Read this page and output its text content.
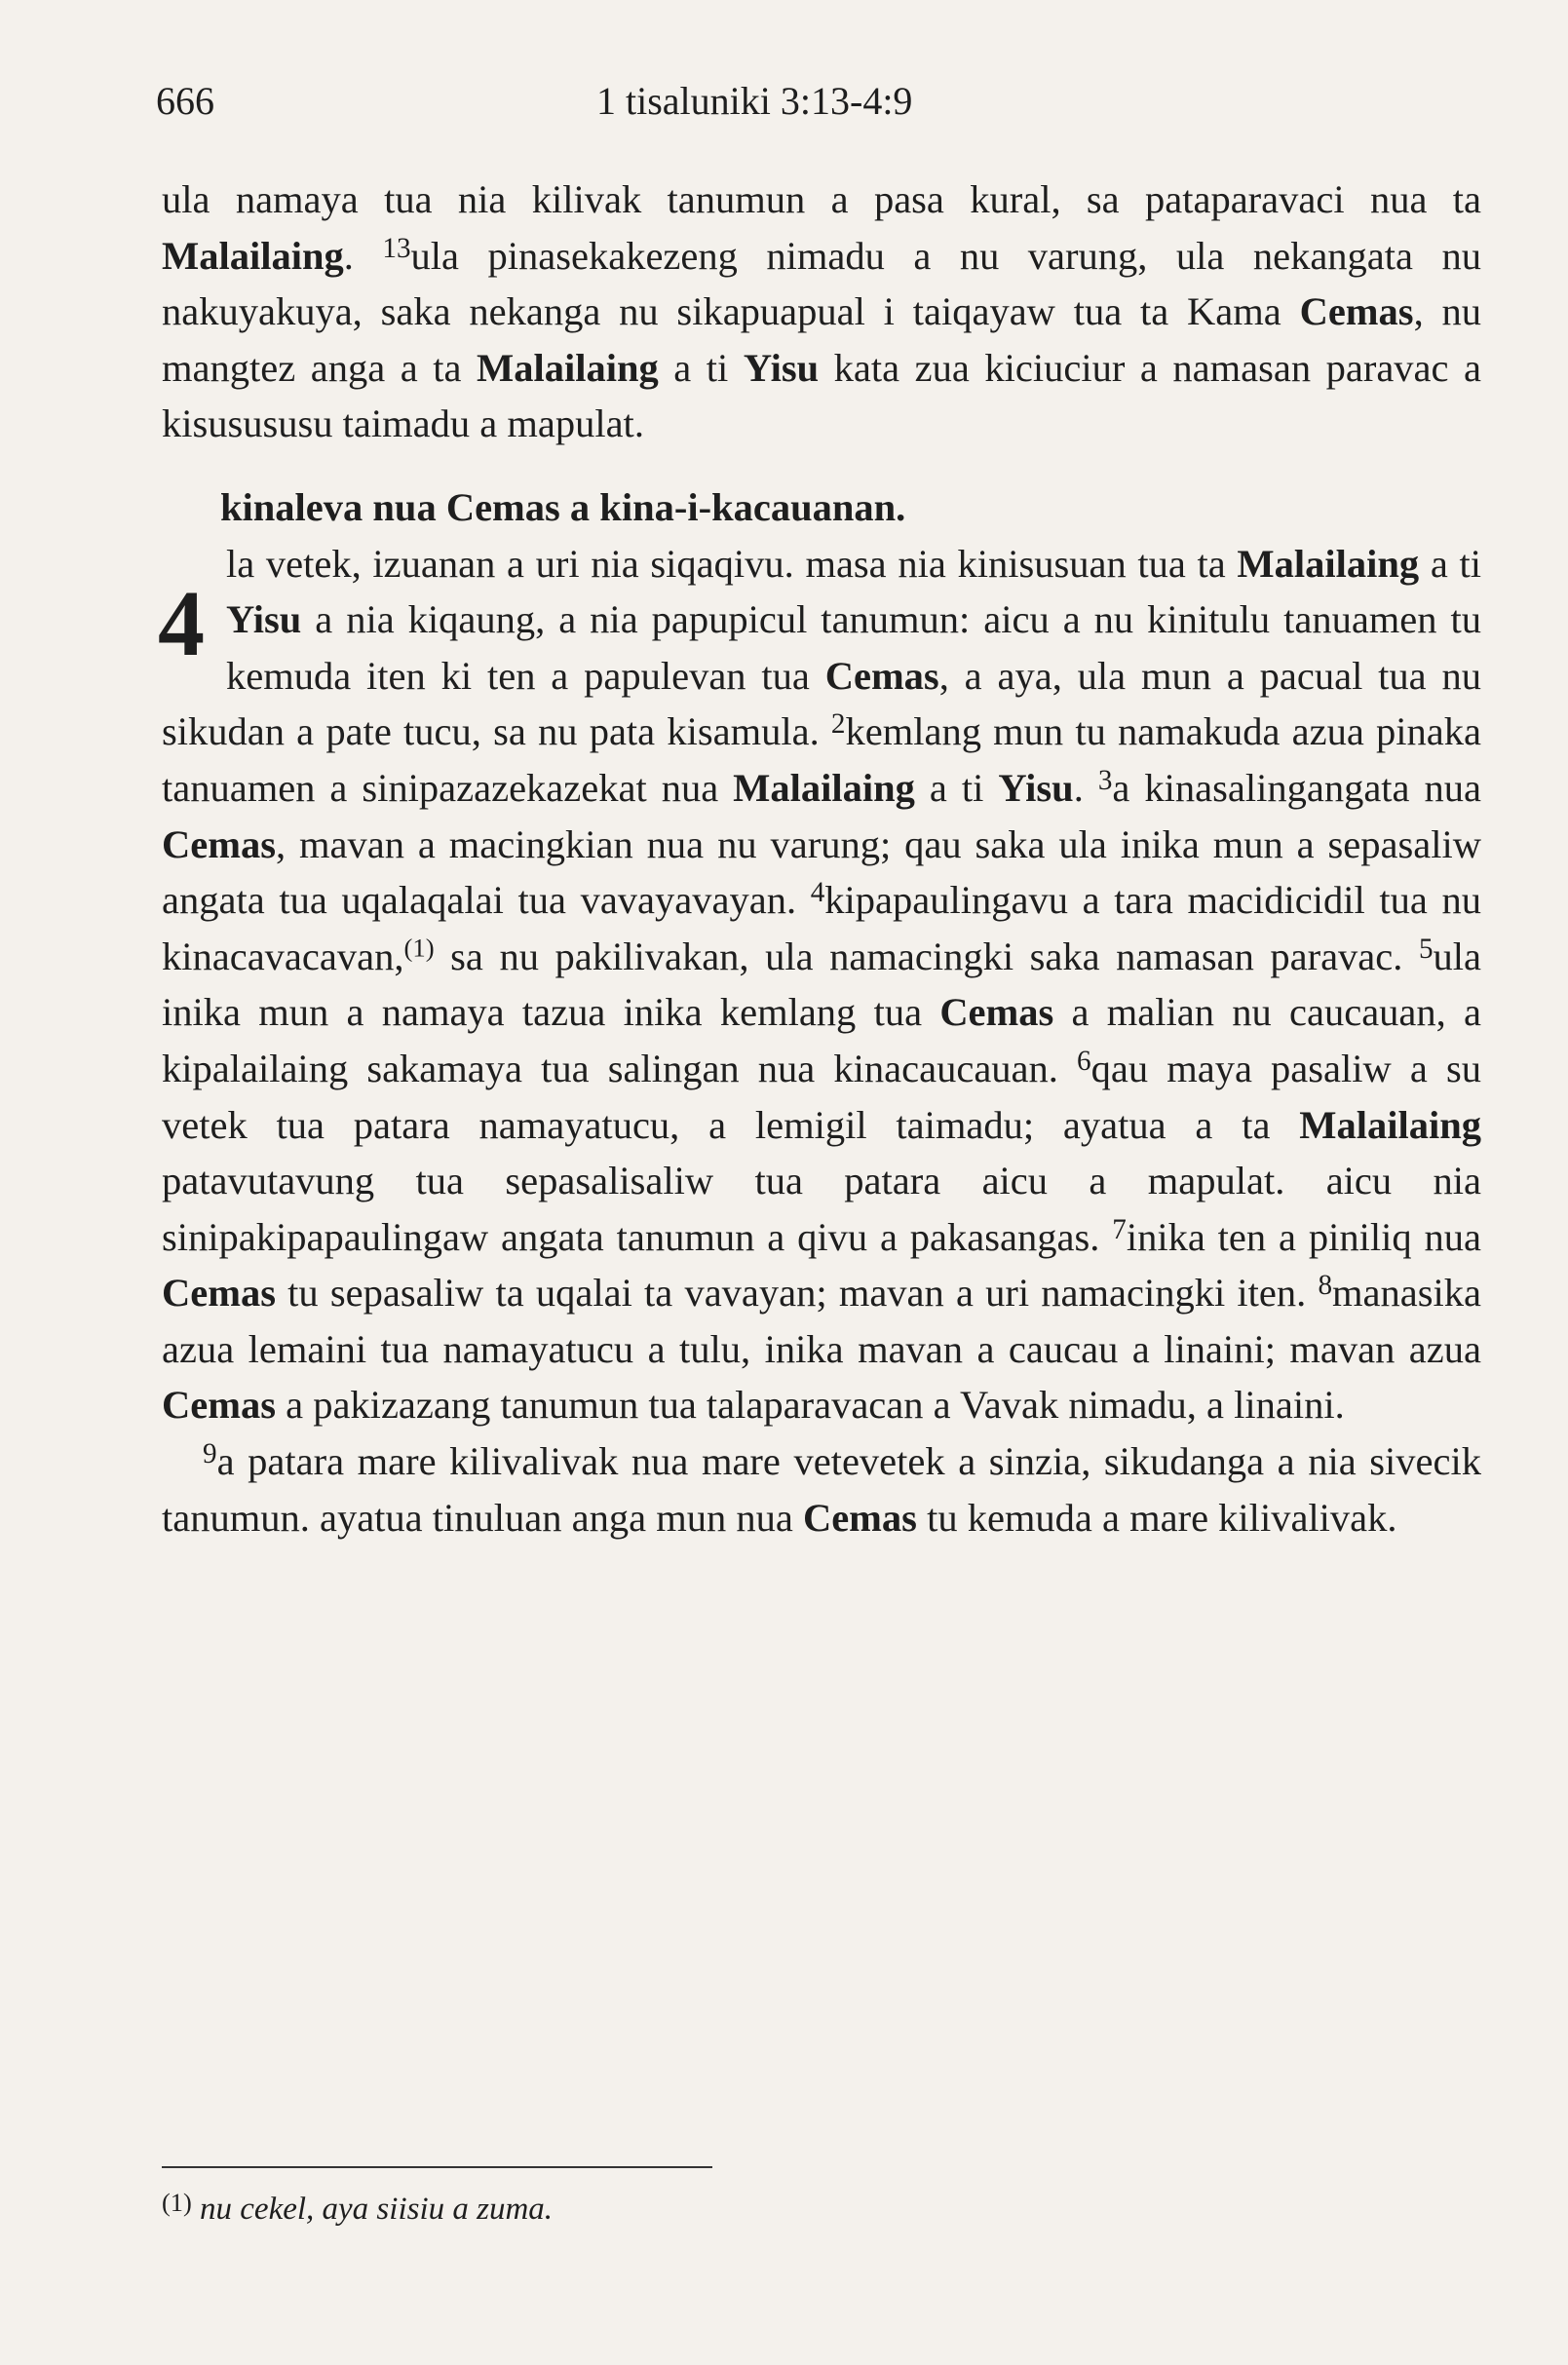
666	1 tisaluniki 3:13-4:9

ula namaya tua nia kilivak tanumun a pasa kural, sa pataparavaci nua ta Malailaing. $^{13}$ula pinasekakezeng nimadu a nu varung, ula nekangata nu nakuyakuya, saka nekanga nu sikapuapual i taiqayaw tua ta Kama Cemas, nu mangtez anga a ta Malailaing a ti Yisu kata zua kiciuciur a namasan paravac a kisusususu taimadu a mapulat.

kinaleva nua Cemas a kina-i-kacauanan.

4
la vetek, izuanan a uri nia siqaqivu. masa nia kinisusuan tua ta Malailaing a ti Yisu a nia kiqaung, a nia papupicul tanumun: aicu a nu kinitulu tanuamen tu kemuda iten ki ten a papulevan tua Cemas, a aya, ula mun a pacual tua nu sikudan a pate tucu, sa nu pata kisamula. $^2$kemlang mun tu namakuda azua pinaka tanuamen a sinipazazekazekat nua Malailaing a ti Yisu. $^3$a kinasalingangata nua Cemas, mavan a macingkian nua nu varung; qau saka ula inika mun a sepasaliw angata tua uqalaqalai tua vavayavayan. $^4$kipapaulingavu a tara macidicidil tua nu kinacavacavan,$^{(1)}$ sa nu pakilivakan, ula namacingki saka namasan paravac. $^5$ula inika mun a namaya tazua inika kemlang tua Cemas a malian nu caucauan, a kipalailaing sakamaya tua salingan nua kinacaucauan. $^6$qau maya pasaliw a su vetek tua patara namayatucu, a lemigil taimadu; ayatua a ta Malailaing patavutavung tua sepasalisaliw tua patara aicu a mapulat. aicu nia sinipakipapaulingaw angata tanumun a qivu a pakasangas. $^7$inika ten a piniliq nua Cemas tu sepasaliw ta uqalai ta vavayan; mavan a uri namacingki iten. $^8$manasika azua lemaini tua namayatucu a tulu, inika mavan a caucau a linaini; mavan azua Cemas a pakizazang tanumun tua talaparavacan a Vavak nimadu, a linaini.

$^9$a patara mare kilivalivak nua mare vetevetek a sinzia, sikudanga a nia sivecik tanumun. ayatua tinuluan anga mun nua Cemas tu kemuda a mare kilivalivak.

$^{(1)}$ nu cekel, aya siisiu a zuma.
